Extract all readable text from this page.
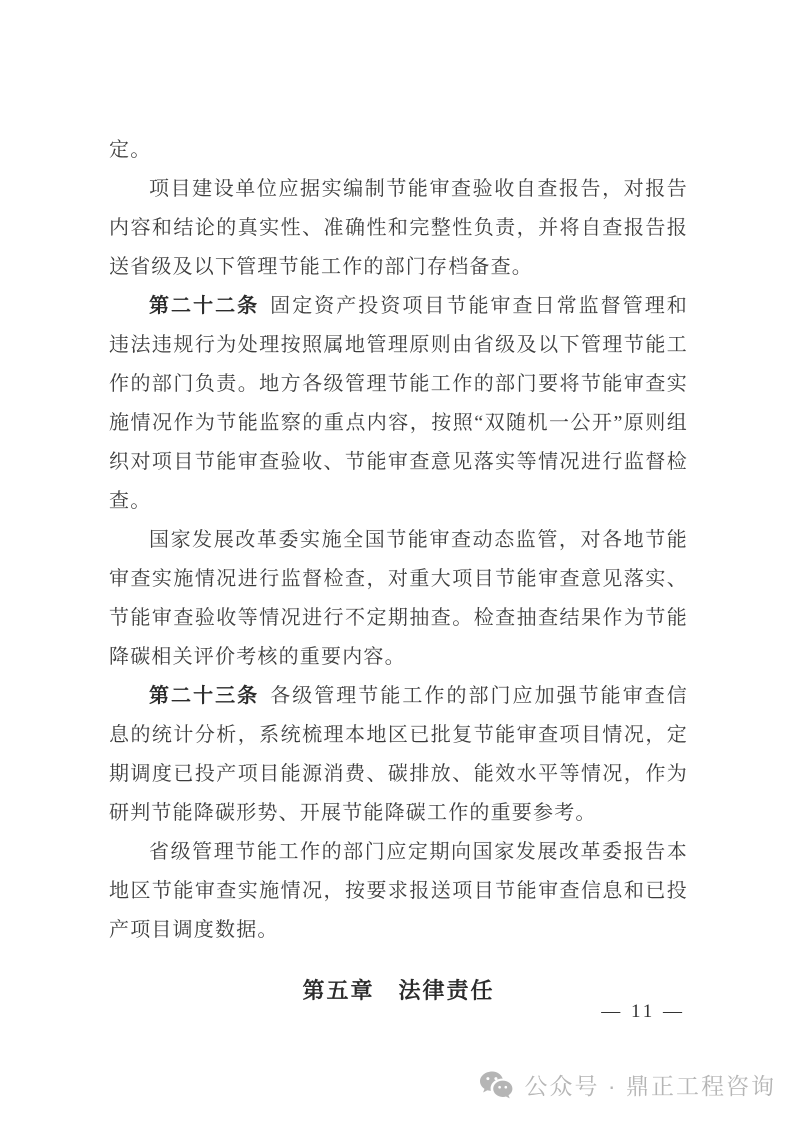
定。

项目建设单位应据实编制节能审查验收自查报告，对报告内容和结论的真实性、准确性和完整性负责，并将自查报告报送省级及以下管理节能工作的部门存档备查。

第二十二条 固定资产投资项目节能审查日常监督管理和违法违规行为处理按照属地管理原则由省级及以下管理节能工作的部门负责。地方各级管理节能工作的部门要将节能审查实施情况作为节能监察的重点内容，按照“双随机一公开”原则组织对项目节能审查验收、节能审查意见落实等情况进行监督检查。

国家发展改革委实施全国节能审查动态监管，对各地节能审查实施情况进行监督检查，对重大项目节能审查意见落实、节能审查验收等情况进行不定期抽查。检查抽查结果作为节能降碳相关评价考核的重要内容。

第二十三条 各级管理节能工作的部门应加强节能审查信息的统计分析，系统梳理本地区已批复节能审查项目情况，定期调度已投产项目能源消费、碳排放、能效水平等情况，作为研判节能降碳形势、开展节能降碳工作的重要参考。

省级管理节能工作的部门应定期向国家发展改革委报告本地区节能审查实施情况，按要求报送项目节能审查信息和已投产项目调度数据。

第五章　法律责任

— 11 —
公众号 · 鼎正工程咨询
